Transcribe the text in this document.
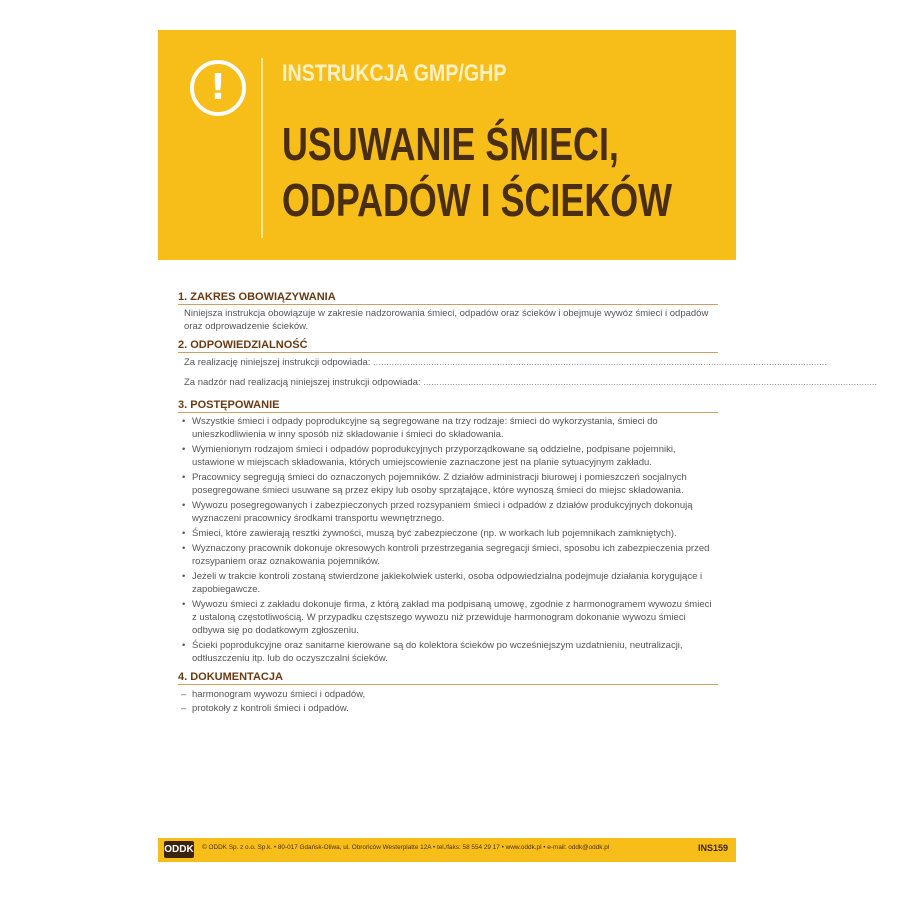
!	INSTRUKCJA GMP/GHP
USUWANIE ŚMIECI,
ODPADÓW I ŚCIEKÓW
1. ZAKRES OBOWIĄZYWANIA
Niniejsza instrukcja obowiązuje w zakresie nadzorowania śmieci, odpadów oraz ścieków i obejmuje wywóz śmieci i odpadów oraz odprowadzenie ścieków.
2. ODPOWIEDZIALNOŚĆ
Za realizację niniejszej instrukcji odpowiada: ............................................................................................................................................................................
Za nadzór nad realizacją niniejszej instrukcji odpowiada: ............................................................................................................................................................................
3. POSTĘPOWANIE
• Wszystkie śmieci i odpady poprodukcyjne są segregowane na trzy rodzaje: śmieci do wykorzystania, śmieci do unieszkodliwienia w inny sposób niż składowanie i śmieci do składowania.
• Wymienionym rodzajom śmieci i odpadów poprodukcyjnych przyporządkowane są oddzielne, podpisane pojemniki, ustawione w miejscach składowania, których umiejscowienie zaznaczone jest na planie sytuacyjnym zakładu.
• Pracownicy segregują śmieci do oznaczonych pojemników. Z działów administracji biurowej i pomieszczeń socjalnych posegregowane śmieci usuwane są przez ekipy lub osoby sprzątające, które wynoszą śmieci do miejsc składowania.
• Wywozu posegregowanych i zabezpieczonych przed rozsypaniem śmieci i odpadów z działów produkcyjnych dokonują wyznaczeni pracownicy środkami transportu wewnętrznego.
• Śmieci, które zawierają resztki żywności, muszą być zabezpieczone (np. w workach lub pojemnikach zamkniętych).
• Wyznaczony pracownik dokonuje okresowych kontroli przestrzegania segregacji śmieci, sposobu ich zabezpieczenia przed rozsypaniem oraz oznakowania pojemników.
• Jeżeli w trakcie kontroli zostaną stwierdzone jakiekolwiek usterki, osoba odpowiedzialna podejmuje działania korygujące i zapobiegawcze.
• Wywozu śmieci z zakładu dokonuje firma, z którą zakład ma podpisaną umowę, zgodnie z harmonogramem wywozu śmieci z ustaloną częstotliwością. W przypadku częstszego wywozu niż przewiduje harmonogram dokonanie wywozu śmieci odbywa się po dodatkowym zgłoszeniu.
• Ścieki poprodukcyjne oraz sanitarne kierowane są do kolektora ścieków po wcześniejszym uzdatnieniu, neutralizacji, odtłuszczeniu itp. lub do oczyszczalni ścieków.
4. DOKUMENTACJA
– harmonogram wywozu śmieci i odpadów,
– protokoły z kontroli śmieci i odpadów.
ODDK © ODDK Sp. z o.o. Sp.k. • 80-017 Gdańsk-Oliwa, ul. Obrońców Westerplatte 12A • tel./faks: 58 554 29 17 • www.oddk.pl • e-mail: oddk@oddk.pl	INS159
